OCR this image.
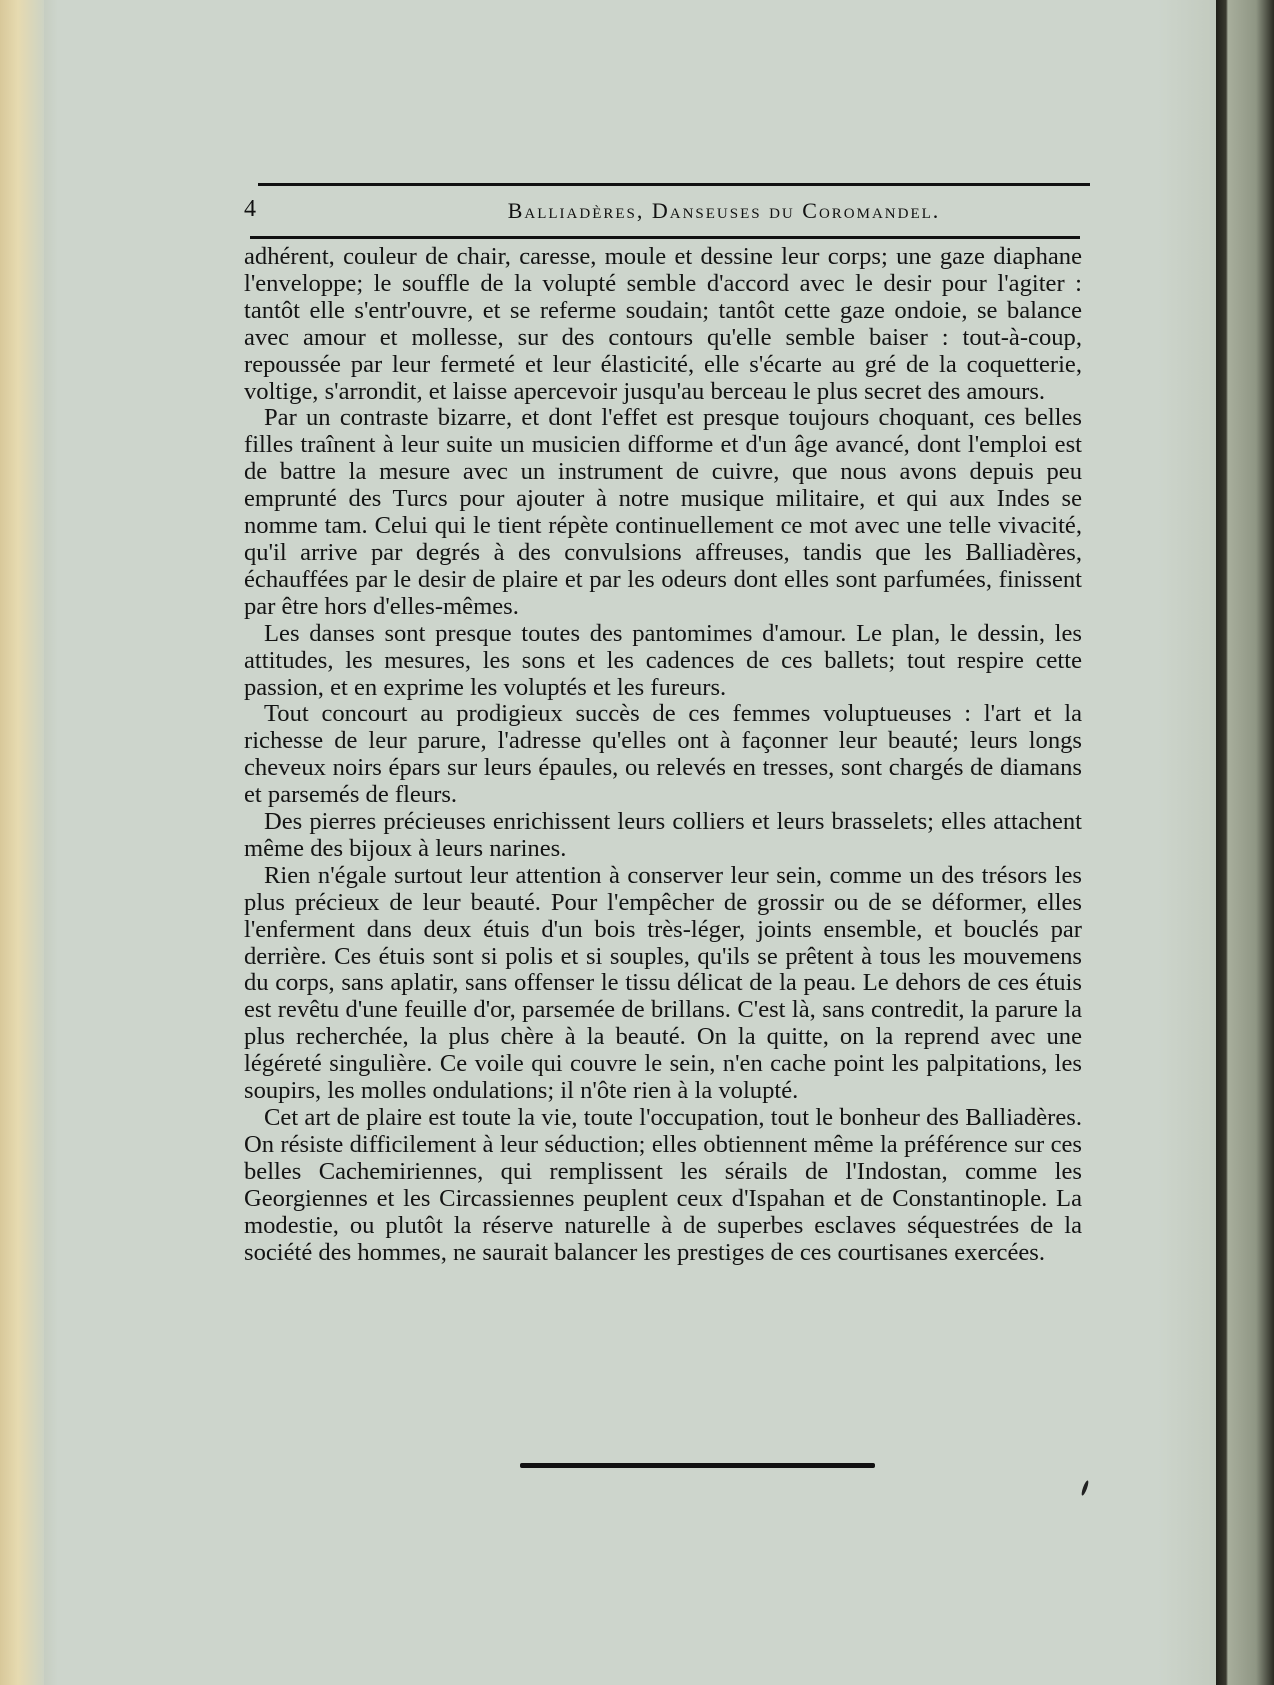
4	Balliadères, Danseuses du Coromandel.

adhérent, couleur de chair, caresse, moule et dessine leur corps; une gaze diaphane l'enveloppe; le souffle de la volupté semble d'accord avec le desir pour l'agiter : tantôt elle s'entr'ouvre, et se referme soudain; tantôt cette gaze ondoie, se balance avec amour et mollesse, sur des contours qu'elle semble baiser : tout-à-coup, repoussée par leur fermeté et leur élasticité, elle s'écarte au gré de la coquetterie, voltige, s'arrondit, et laisse apercevoir jusqu'au berceau le plus secret des amours.

Par un contraste bizarre, et dont l'effet est presque toujours choquant, ces belles filles traînent à leur suite un musicien difforme et d'un âge avancé, dont l'emploi est de battre la mesure avec un instrument de cuivre, que nous avons depuis peu emprunté des Turcs pour ajouter à notre musique militaire, et qui aux Indes se nomme tam. Celui qui le tient répète continuellement ce mot avec une telle vivacité, qu'il arrive par degrés à des convulsions affreuses, tandis que les Balliadères, échauffées par le desir de plaire et par les odeurs dont elles sont parfumées, finissent par être hors d'elles-mêmes.

Les danses sont presque toutes des pantomimes d'amour. Le plan, le dessin, les attitudes, les mesures, les sons et les cadences de ces ballets; tout respire cette passion, et en exprime les voluptés et les fureurs.

Tout concourt au prodigieux succès de ces femmes voluptueuses : l'art et la richesse de leur parure, l'adresse qu'elles ont à façonner leur beauté; leurs longs cheveux noirs épars sur leurs épaules, ou relevés en tresses, sont chargés de diamans et parsemés de fleurs.

Des pierres précieuses enrichissent leurs colliers et leurs brasselets; elles attachent même des bijoux à leurs narines.

Rien n'égale surtout leur attention à conserver leur sein, comme un des trésors les plus précieux de leur beauté. Pour l'empêcher de grossir ou de se déformer, elles l'enferment dans deux étuis d'un bois très-léger, joints ensemble, et bouclés par derrière. Ces étuis sont si polis et si souples, qu'ils se prêtent à tous les mouvemens du corps, sans aplatir, sans offenser le tissu délicat de la peau. Le dehors de ces étuis est revêtu d'une feuille d'or, parsemée de brillans. C'est là, sans contredit, la parure la plus recherchée, la plus chère à la beauté. On la quitte, on la reprend avec une légéreté singulière. Ce voile qui couvre le sein, n'en cache point les palpitations, les soupirs, les molles ondulations; il n'ôte rien à la volupté.

Cet art de plaire est toute la vie, toute l'occupation, tout le bonheur des Balliadères. On résiste difficilement à leur séduction; elles obtiennent même la préférence sur ces belles Cachemiriennes, qui remplissent les sérails de l'Indostan, comme les Georgiennes et les Circassiennes peuplent ceux d'Ispahan et de Constantinople. La modestie, ou plutôt la réserve naturelle à de superbes esclaves séquestrées de la société des hommes, ne saurait balancer les prestiges de ces courtisanes exercées.
